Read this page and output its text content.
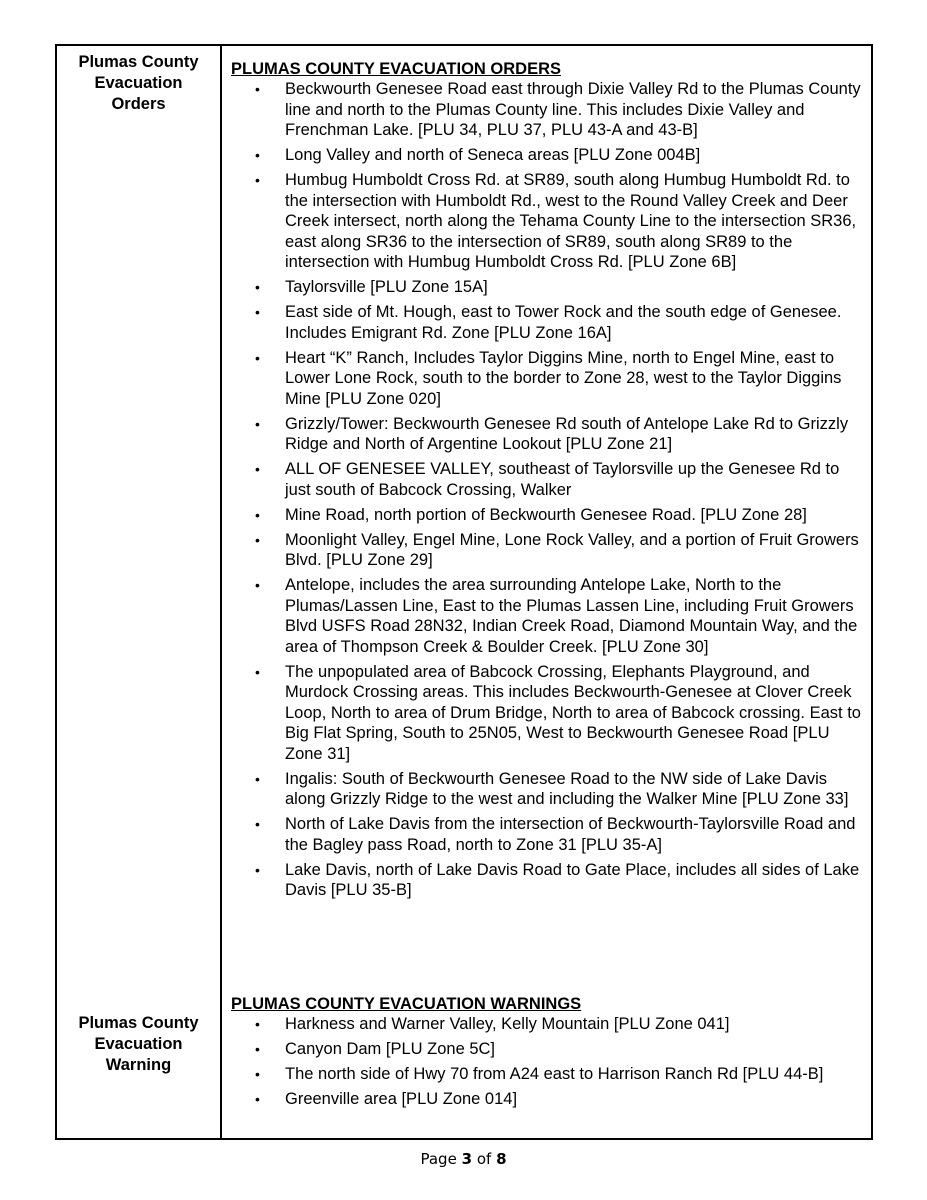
Plumas County
Evacuation
Orders
Plumas County
Evacuation
Warning
PLUMAS COUNTY EVACUATION ORDERS
• Beckwourth Genesee Road east through Dixie Valley Rd to the Plumas County line and north to the Plumas County line. This includes Dixie Valley and Frenchman Lake. [PLU 34, PLU 37, PLU 43-A and 43-B]
• Long Valley and north of Seneca areas [PLU Zone 004B]
• Humbug Humboldt Cross Rd. at SR89, south along Humbug Humboldt Rd. to the intersection with Humboldt Rd., west to the Round Valley Creek and Deer Creek intersect, north along the Tehama County Line to the intersection SR36, east along SR36 to the intersection of SR89, south along SR89 to the intersection with Humbug Humboldt Cross Rd. [PLU Zone 6B]
• Taylorsville [PLU Zone 15A]
• East side of Mt. Hough, east to Tower Rock and the south edge of Genesee. Includes Emigrant Rd. Zone [PLU Zone 16A]
• Heart “K” Ranch, Includes Taylor Diggins Mine, north to Engel Mine, east to Lower Lone Rock, south to the border to Zone 28, west to the Taylor Diggins Mine [PLU Zone 020]
• Grizzly/Tower: Beckwourth Genesee Rd south of Antelope Lake Rd to Grizzly Ridge and North of Argentine Lookout [PLU Zone 21]
• ALL OF GENESEE VALLEY, southeast of Taylorsville up the Genesee Rd to just south of Babcock Crossing, Walker
• Mine Road, north portion of Beckwourth Genesee Road. [PLU Zone 28]
• Moonlight Valley, Engel Mine, Lone Rock Valley, and a portion of Fruit Growers Blvd. [PLU Zone 29]
• Antelope, includes the area surrounding Antelope Lake, North to the Plumas/Lassen Line, East to the Plumas Lassen Line, including Fruit Growers Blvd USFS Road 28N32, Indian Creek Road, Diamond Mountain Way, and the area of Thompson Creek & Boulder Creek. [PLU Zone 30]
• The unpopulated area of Babcock Crossing, Elephants Playground, and Murdock Crossing areas. This includes Beckwourth-Genesee at Clover Creek Loop, North to area of Drum Bridge, North to area of Babcock crossing. East to Big Flat Spring, South to 25N05, West to Beckwourth Genesee Road [PLU Zone 31]
• Ingalis: South of Beckwourth Genesee Road to the NW side of Lake Davis along Grizzly Ridge to the west and including the Walker Mine [PLU Zone 33]
• North of Lake Davis from the intersection of Beckwourth-Taylorsville Road and the Bagley pass Road, north to Zone 31 [PLU 35-A]
• Lake Davis, north of Lake Davis Road to Gate Place, includes all sides of Lake Davis [PLU 35-B]
PLUMAS COUNTY EVACUATION WARNINGS
• Harkness and Warner Valley, Kelly Mountain [PLU Zone 041]
• Canyon Dam [PLU Zone 5C]
• The north side of Hwy 70 from A24 east to Harrison Ranch Rd [PLU 44-B]
• Greenville area [PLU Zone 014]
Page 3 of 8
